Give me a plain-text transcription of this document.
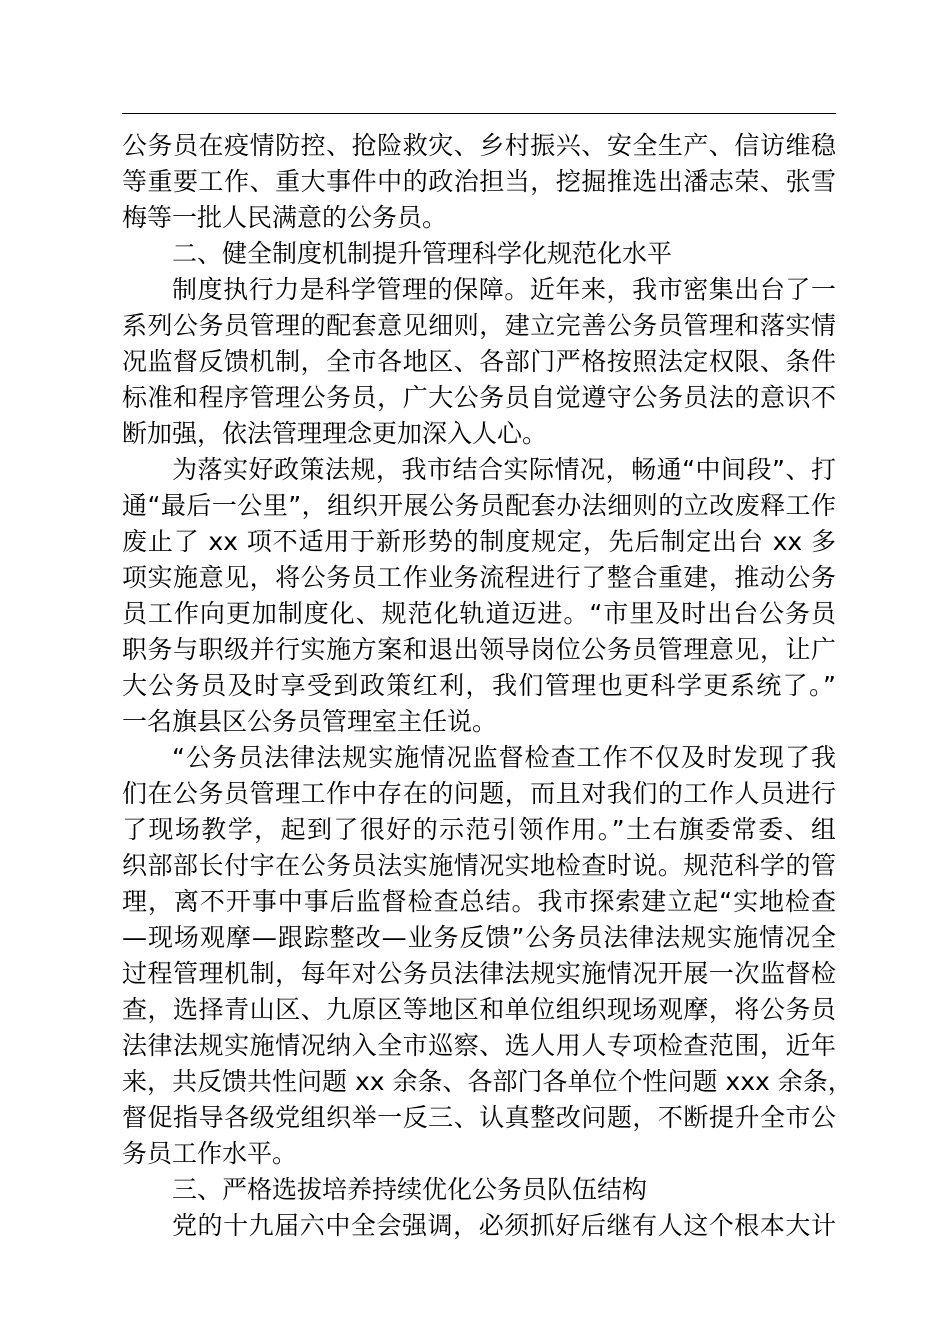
公务员在疫情防控、抢险救灾、乡村振兴、安全生产、信访维稳
等重要工作、重大事件中的政治担当，挖掘推选出潘志荣、张雪
梅等一批人民满意的公务员。
二、健全制度机制提升管理科学化规范化水平
制度执行力是科学管理的保障。近年来，我市密集出台了一
系列公务员管理的配套意见细则，建立完善公务员管理和落实情
况监督反馈机制，全市各地区、各部门严格按照法定权限、条件
标准和程序管理公务员，广大公务员自觉遵守公务员法的意识不
断加强，依法管理理念更加深入人心。
为落实好政策法规，我市结合实际情况，畅通“中间段”、打
通“最后一公里”，组织开展公务员配套办法细则的立改废释工作
废止了 xx 项不适用于新形势的制度规定，先后制定出台 xx 多
项实施意见，将公务员工作业务流程进行了整合重建，推动公务
员工作向更加制度化、规范化轨道迈进。“市里及时出台公务员
职务与职级并行实施方案和退出领导岗位公务员管理意见，让广
大公务员及时享受到政策红利，我们管理也更科学更系统了。”
一名旗县区公务员管理室主任说。
“公务员法律法规实施情况监督检查工作不仅及时发现了我
们在公务员管理工作中存在的问题，而且对我们的工作人员进行
了现场教学，起到了很好的示范引领作用。”土右旗委常委、组
织部部长付宇在公务员法实施情况实地检查时说。规范科学的管
理，离不开事中事后监督检查总结。我市探索建立起“实地检查
—现场观摩—跟踪整改—业务反馈”公务员法律法规实施情况全
过程管理机制，每年对公务员法律法规实施情况开展一次监督检
查，选择青山区、九原区等地区和单位组织现场观摩，将公务员
法律法规实施情况纳入全市巡察、选人用人专项检查范围，近年
来，共反馈共性问题 xx 余条、各部门各单位个性问题 xxx 余条，
督促指导各级党组织举一反三、认真整改问题，不断提升全市公
务员工作水平。
三、严格选拔培养持续优化公务员队伍结构
党的十九届六中全会强调，必须抓好后继有人这个根本大计
